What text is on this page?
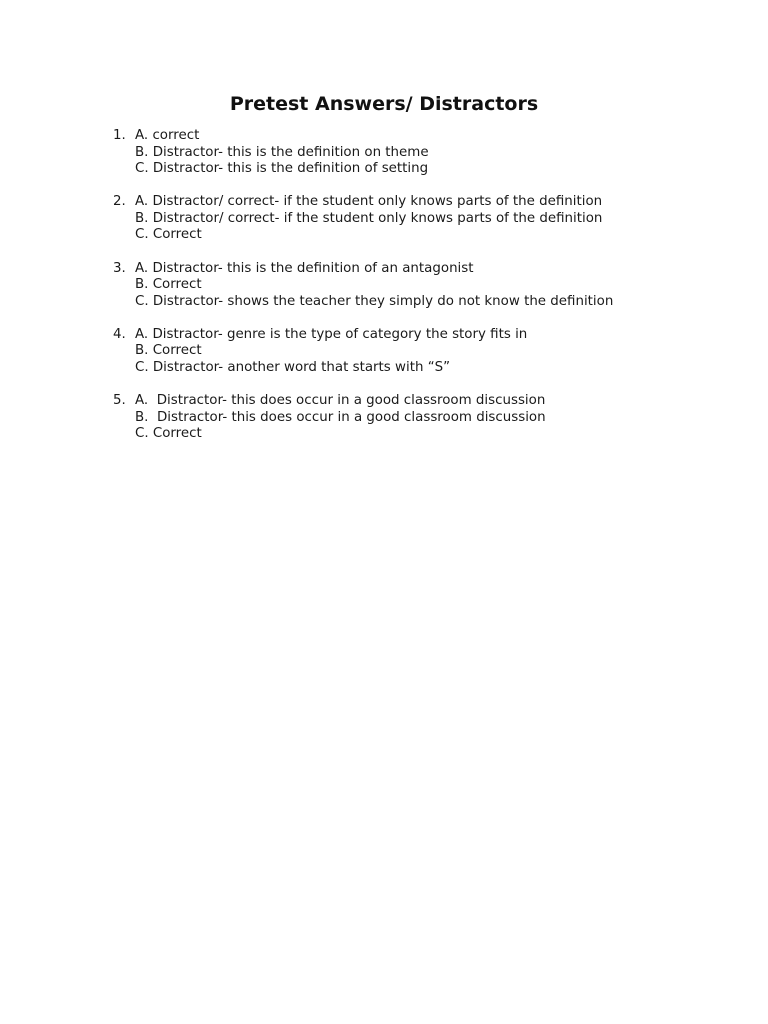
Pretest Answers/ Distractors
1. A. correct
B. Distractor- this is the definition on theme
C. Distractor- this is the definition of setting
2. A. Distractor/ correct- if the student only knows parts of the definition
B. Distractor/ correct- if the student only knows parts of the definition
C. Correct
3. A. Distractor- this is the definition of an antagonist
B. Correct
C. Distractor- shows the teacher they simply do not know the definition
4. A. Distractor- genre is the type of category the story fits in
B. Correct
C. Distractor- another word that starts with “S”
5. A.  Distractor- this does occur in a good classroom discussion
B.  Distractor- this does occur in a good classroom discussion
C. Correct
